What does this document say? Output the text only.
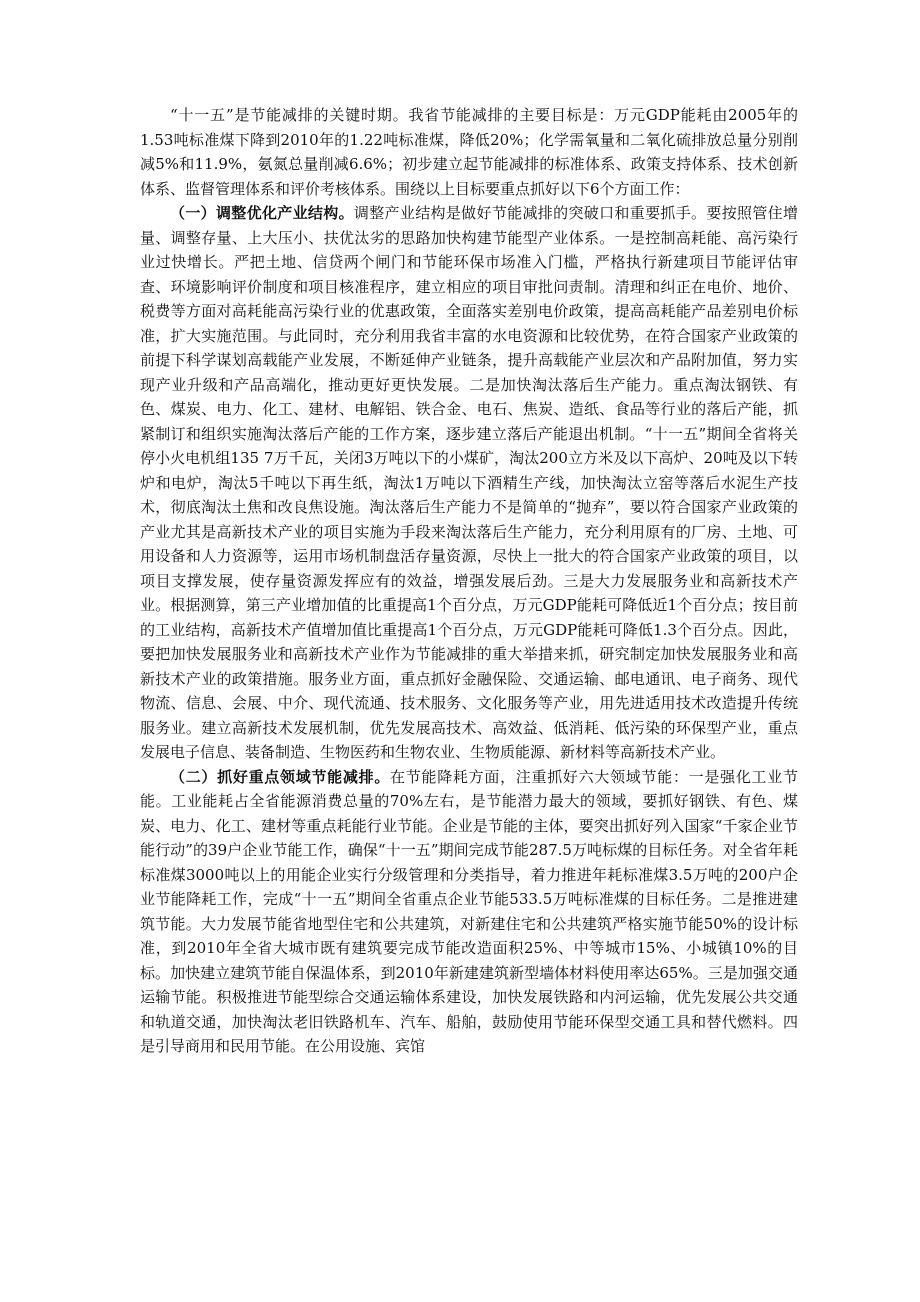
“十一五”是节能减排的关键时期。我省节能减排的主要目标是：万元GDP能耗由2005年的1.53吨标准煤下降到2010年的1.22吨标准煤，降低20%；化学需氧量和二氧化硫排放总量分别削减5%和11.9%，氨氮总量削减6.6%；初步建立起节能减排的标准体系、政策支持体系、技术创新体系、监督管理体系和评价考核体系。围绕以上目标要重点抓好以下6个方面工作：

（一）调整优化产业结构。调整产业结构是做好节能减排的突破口和重要抓手。要按照管住增量、调整存量、上大压小、扶优汰劣的思路加快构建节能型产业体系。一是控制高耗能、高污染行业过快增长。严把土地、信贷两个闸门和节能环保市场准入门槛，严格执行新建项目节能评估审查、环境影响评价制度和项目核准程序，建立相应的项目审批问责制。清理和纠正在电价、地价、税费等方面对高耗能高污染行业的优惠政策，全面落实差别电价政策，提高高耗能产品差别电价标准，扩大实施范围。与此同时，充分利用我省丰富的水电资源和比较优势，在符合国家产业政策的前提下科学谋划高载能产业发展，不断延伸产业链条，提升高载能产业层次和产品附加值，努力实现产业升级和产品高端化，推动更好更快发展。二是加快淘汰落后生产能力。重点淘汰钢铁、有色、煤炭、电力、化工、建材、电解铝、铁合金、电石、焦炭、造纸、食品等行业的落后产能，抓紧制订和组织实施淘汰落后产能的工作方案，逐步建立落后产能退出机制。“十一五”期间全省将关停小火电机组135 7万千瓦，关闭3万吨以下的小煤矿，淘汰200立方米及以下高炉、20吨及以下转炉和电炉，淘汰5千吨以下再生纸，淘汰1万吨以下酒精生产线，加快淘汰立窑等落后水泥生产技术，彻底淘汰土焦和改良焦设施。淘汰落后生产能力不是简单的“抛弃”，要以符合国家产业政策的产业尤其是高新技术产业的项目实施为手段来淘汰落后生产能力，充分利用原有的厂房、土地、可用设备和人力资源等，运用市场机制盘活存量资源，尽快上一批大的符合国家产业政策的项目，以项目支撑发展，使存量资源发挥应有的效益，增强发展后劲。三是大力发展服务业和高新技术产业。根据测算，第三产业增加值的比重提高1个百分点，万元GDP能耗可降低近1个百分点；按目前的工业结构，高新技术产值增加值比重提高1个百分点，万元GDP能耗可降低1.3个百分点。因此，要把加快发展服务业和高新技术产业作为节能减排的重大举措来抓，研究制定加快发展服务业和高新技术产业的政策措施。服务业方面，重点抓好金融保险、交通运输、邮电通讯、电子商务、现代物流、信息、会展、中介、现代流通、技术服务、文化服务等产业，用先进适用技术改造提升传统服务业。建立高新技术发展机制，优先发展高技术、高效益、低消耗、低污染的环保型产业，重点发展电子信息、装备制造、生物医药和生物农业、生物质能源、新材料等高新技术产业。

（二）抓好重点领域节能减排。在节能降耗方面，注重抓好六大领域节能：一是强化工业节能。工业能耗占全省能源消费总量的70%左右，是节能潜力最大的领域，要抓好钢铁、有色、煤炭、电力、化工、建材等重点耗能行业节能。企业是节能的主体，要突出抓好列入国家“千家企业节能行动”的39户企业节能工作，确保“十一五”期间完成节能287.5万吨标煤的目标任务。对全省年耗标准煤3000吨以上的用能企业实行分级管理和分类指导，着力推进年耗标准煤3.5万吨的200户企业节能降耗工作，完成“十一五”期间全省重点企业节能533.5万吨标准煤的目标任务。二是推进建筑节能。大力发展节能省地型住宅和公共建筑，对新建住宅和公共建筑严格实施节能50%的设计标准，到2010年全省大城市既有建筑要完成节能改造面积25%、中等城市15%、小城镇10%的目标。加快建立建筑节能自保温体系，到2010年新建建筑新型墙体材料使用率达65%。三是加强交通运输节能。积极推进节能型综合交通运输体系建设，加快发展铁路和内河运输，优先发展公共交通和轨道交通，加快淘汰老旧铁路机车、汽车、船舶，鼓励使用节能环保型交通工具和替代燃料。四是引导商用和民用节能。在公用设施、宾馆
